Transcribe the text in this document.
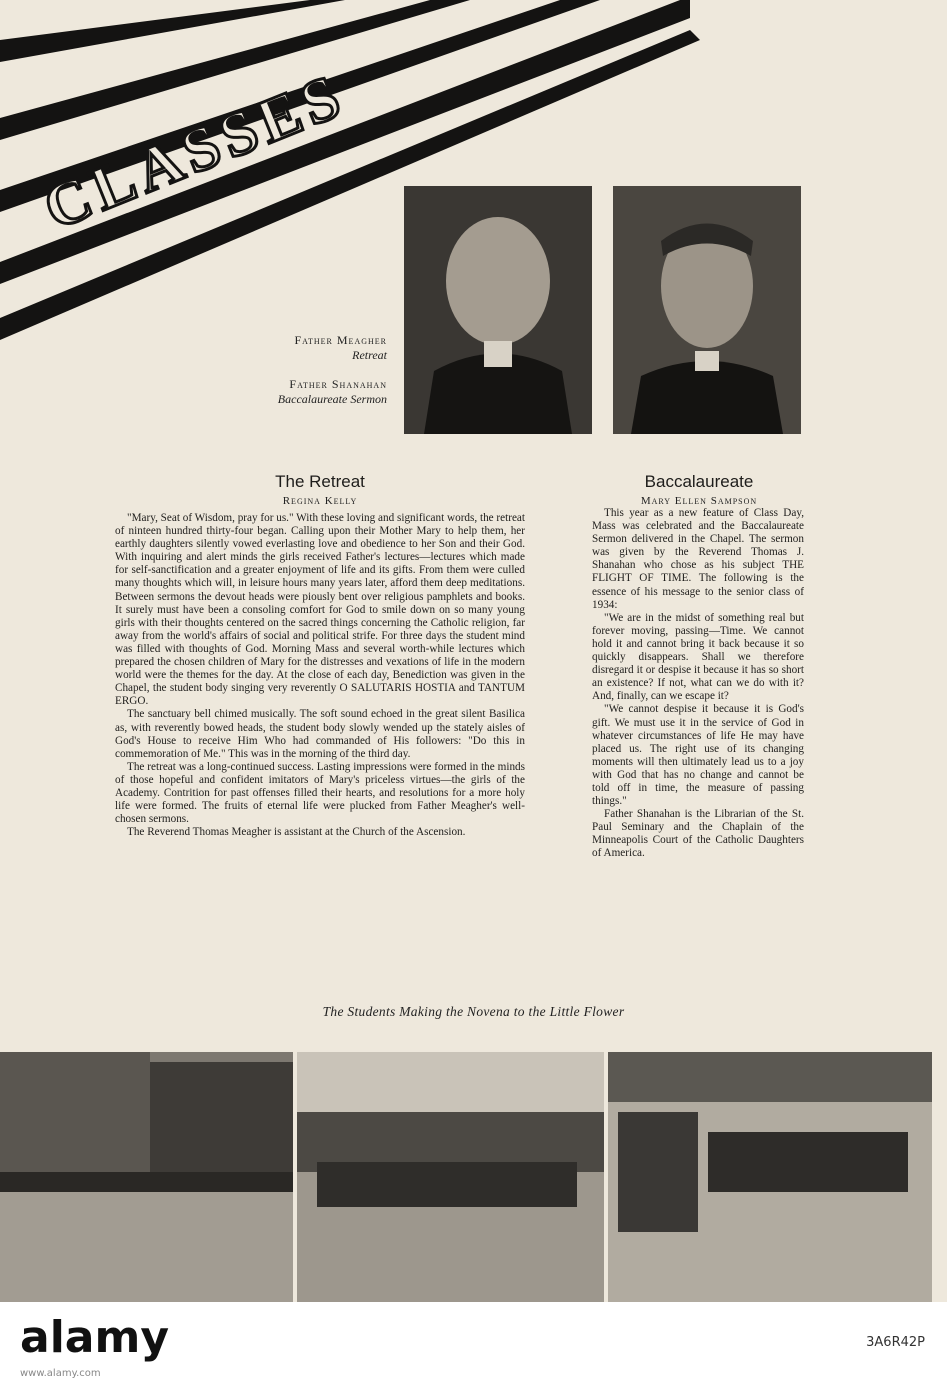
CLASSES
Father Meagher
Retreat
Father Shanahan
Baccalaureate Sermon
The Retreat
Regina Kelly

"Mary, Seat of Wisdom, pray for us." With these loving and significant words, the retreat of ninteen hundred thirty-four began. Calling upon their Mother Mary to help them, her earthly daughters silently vowed everlasting love and obedience to her Son and their God. With inquiring and alert minds the girls received Father's lectures—lectures which made for self-sanctification and a greater enjoyment of life and its gifts. From them were culled many thoughts which will, in leisure hours many years later, afford them deep meditations. Between sermons the devout heads were piously bent over religious pamphlets and books. It surely must have been a consoling comfort for God to smile down on so many young girls with their thoughts centered on the sacred things concerning the Catholic religion, far away from the world's affairs of social and political strife. For three days the student mind was filled with thoughts of God. Morning Mass and several worth-while lectures which prepared the chosen children of Mary for the distresses and vexations of life in the modern world were the themes for the day. At the close of each day, Benediction was given in the Chapel, the student body singing very reverently O SALUTARIS HOSTIA and TANTUM ERGO.

The sanctuary bell chimed musically. The soft sound echoed in the great silent Basilica as, with reverently bowed heads, the student body slowly wended up the stately aisles of God's House to receive Him Who had commanded of His followers: "Do this in commemoration of Me." This was in the morning of the third day.

The retreat was a long-continued success. Lasting impressions were formed in the minds of those hopeful and confident imitators of Mary's priceless virtues—the girls of the Academy. Contrition for past offenses filled their hearts, and resolutions for a more holy life were formed. The fruits of eternal life were plucked from Father Meagher's well-chosen sermons.

The Reverend Thomas Meagher is assistant at the Church of the Ascension.

Baccalaureate
Mary Ellen Sampson

This year as a new feature of Class Day, Mass was celebrated and the Baccalaureate Sermon delivered in the Chapel. The sermon was given by the Reverend Thomas J. Shanahan who chose as his subject THE FLIGHT OF TIME. The following is the essence of his message to the senior class of 1934:

"We are in the midst of something real but forever moving, passing—Time. We cannot hold it and cannot bring it back because it so quickly disappears. Shall we therefore disregard it or despise it because it has so short an existence? If not, what can we do with it? And, finally, can we escape it?

"We cannot despise it because it is God's gift. We must use it in the service of God in whatever circumstances of life He may have placed us. The right use of its changing moments will then ultimately lead us to a joy with God that has no change and cannot be told off in time, the measure of passing things."

Father Shanahan is the Librarian of the St. Paul Seminary and the Chaplain of the Minneapolis Court of the Catholic Daughters of America.

The Students Making the Novena to the Little Flower
alamy
www.alamy.com
3A6R42P
